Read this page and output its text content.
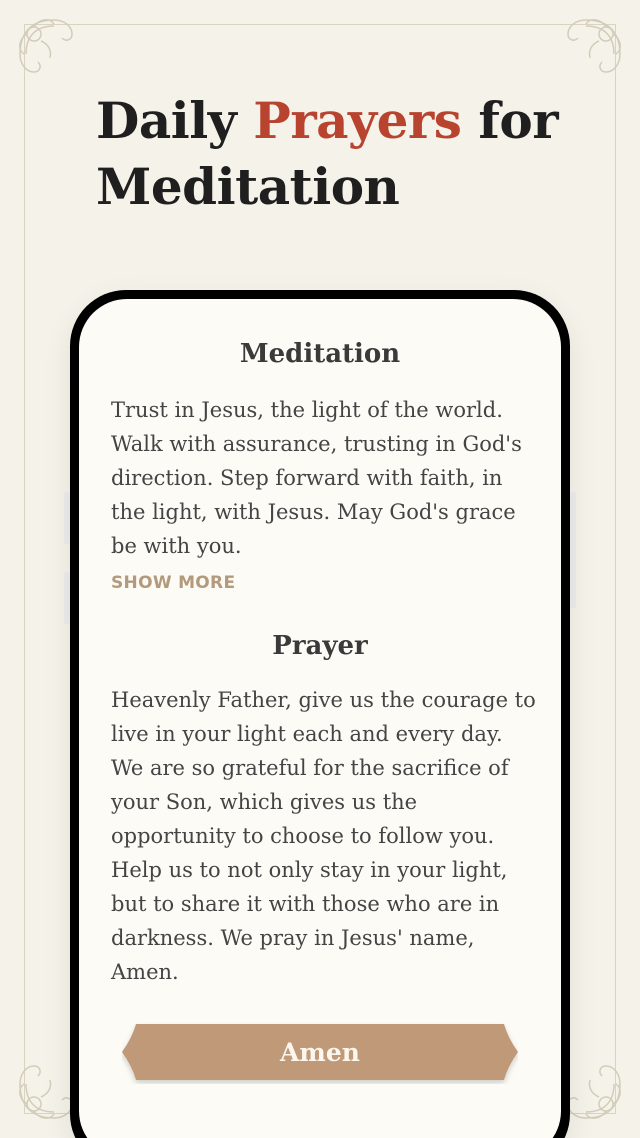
Daily Prayers for
Meditation
Meditation

Trust in Jesus, the light of the world. Walk with assurance, trusting in God's direction. Step forward with faith, in the light, with Jesus. May God's grace be with you.

SHOW MORE
Prayer

Heavenly Father, give us the courage to live in your light each and every day. We are so grateful for the sacrifice of your Son, which gives us the opportunity to choose to follow you. Help us to not only stay in your light, but to share it with those who are in darkness. We pray in Jesus' name, Amen.

Amen
